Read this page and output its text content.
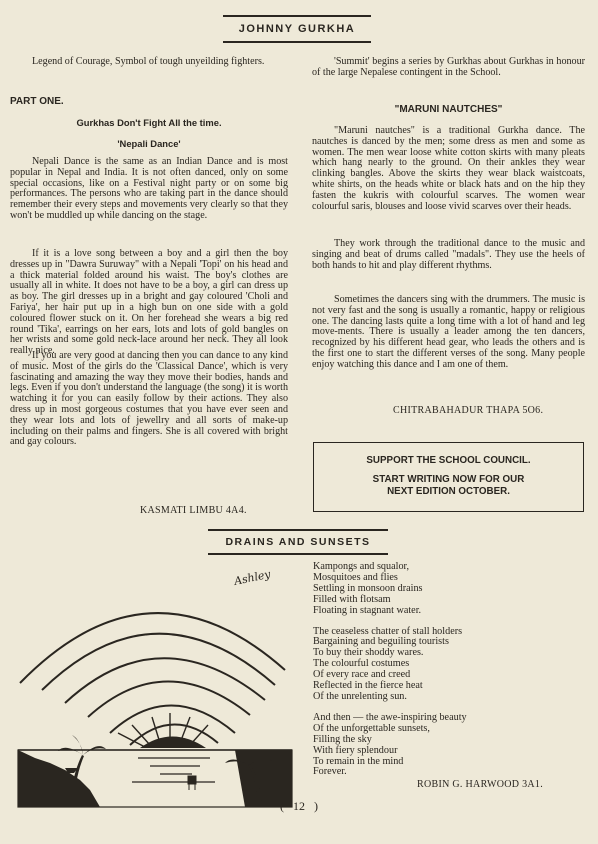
JOHNNY GURKHA

Legend of Courage, Symbol of tough unyeilding fighters.

PART ONE.
Gurkhas Don't Fight All the time.
'Nepali Dance'

Nepali Dance is the same as an Indian Dance and is most popular in Nepal and India. It is not often danced, only on some special occasions, like on a Festival night party or on some big performances. The persons who are taking part in the dance should remember their every steps and movements very clearly so that they won't be muddled up while dancing on the stage.

If it is a love song between a boy and a girl then the boy dresses up in "Dawra Suruway" with a Nepali 'Topi' on his head and a thick material folded around his waist. The boy's clothes are usually all in white. It does not have to be a boy, a girl can dress up as boy. The girl dresses up in a bright and gay coloured 'Choli and Fariya', her hair put up in a high bun on one side with a gold coloured flower stuck on it. On her forehead she wears a big red round 'Tika', earrings on her ears, lots and lots of gold bangles on her wrists and some gold neck-lace around her neck. They all look really nice.

If you are very good at dancing then you can dance to any kind of music. Most of the girls do the 'Classical Dance', which is very fascinating and amazing the way they move their bodies, hands and legs. Even if you don't understand the language (the song) it is worth watching it for you can easily follow by their actions. They also dress up in most gorgeous costumes that you have ever seen and they wear lots and lots of jewellry and all sorts of make-up including on their palms and fingers. She is all covered with bright and gay colours.

KASMATI LIMBU 4A4.

'Summit' begins a series by Gurkhas about Gurkhas in honour of the large Nepalese contingent in the School.

"MARUNI NAUTCHES"

"Maruni nautches" is a traditional Gurkha dance. The nautches is danced by the men; some dress as men and some as women. The men wear loose white cotton skirts with many pleats which hang nearly to the ground. On their ankles they wear clinking bangles. Above the skirts they wear black waistcoats, white shirts, on the heads white or black hats and on the hip they fasten the kukris with colourful scarves. The women wear colourful saris, blouses and loose vivid scarves over their heads.

They work through the traditional dance to the music and singing and beat of drums called "madals". They use the heels of both hands to hit and play different rhythms.

Sometimes the dancers sing with the drummers. The music is not very fast and the song is usually a romantic, happy or religious one. The dancing lasts quite a long time with a lot of hand and leg move-ments. There is usually a leader among the ten dancers, recognized by his different head gear, who leads the others and is the first one to start the different verses of the song. Many people enjoy watching this dance and I am one of them.

CHITRABAHADUR THAPA 5O6.
SUPPORT THE SCHOOL COUNCIL.
START WRITING NOW FOR OUR
NEXT EDITION OCTOBER.
DRAINS AND SUNSETS
Ashley

Kampongs and squalor,

Mosquitoes and flies

Settling in monsoon drains

Filled with flotsam

Floating in stagnant water.

The ceaseless chatter of stall holders

Bargaining and beguiling tourists

To buy their shoddy wares.

The colourful costumes

Of every race and creed

Reflected in the fierce heat

Of the unrelenting sun.

And then — the awe-inspiring beauty

Of the unforgettable sunsets,

Filling the sky

With fiery splendour

To remain in the mind

Forever.

ROBIN G. HARWOOD 3A1.
(   12   )
